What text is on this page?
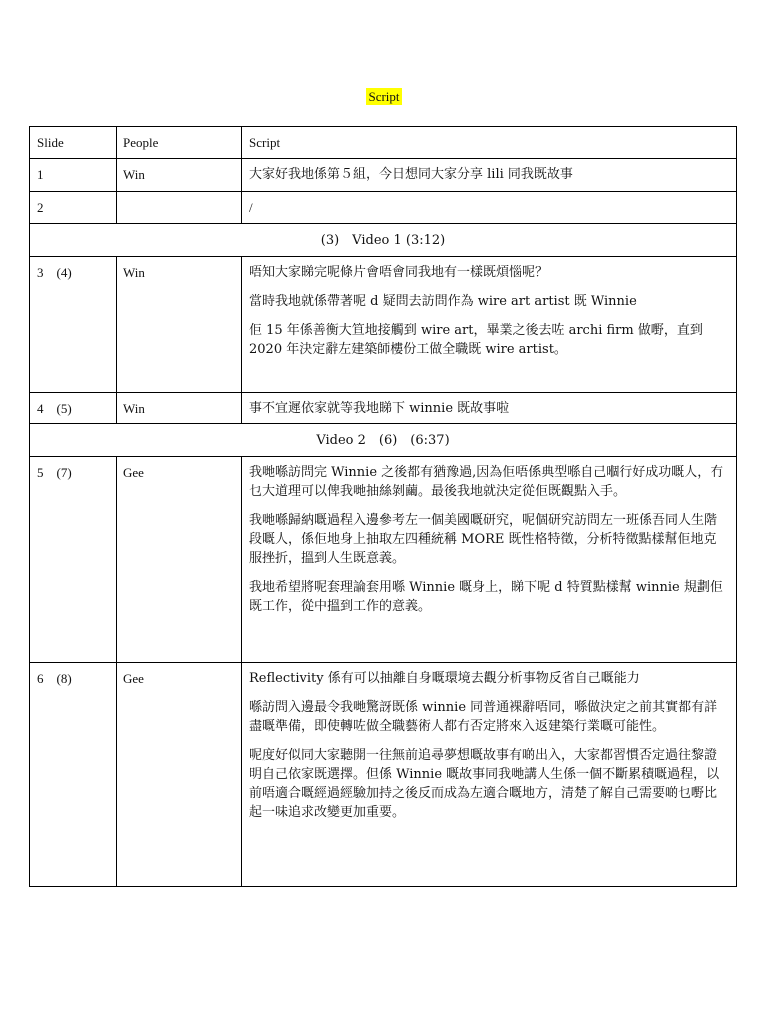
Script
Slide	People	Script
1	Win	大家好我地係第５組，今日想同大家分享 lili 同我既故事

2		/

(3)　Video 1 (3:12)		
3　(4)	Win	唔知大家睇完呢條片會唔會同我地有一樣既煩惱呢？

當時我地就係帶著呢 d 疑問去訪問作為 wire art artist 既 Winnie

佢 15 年係善衡大笪地接觸到 wire art，畢業之後去咗 archi firm 做嘢，直到 2020 年決定辭左建築師樓份工做全職既 wire artist。

4　(5)	Win	事不宜遲依家就等我地睇下 winnie 既故事啦

Video 2　(6)　(6:37)		
5　(7)	Gee	我哋喺訪問完 Winnie 之後都有猶豫過,因為佢唔係典型喺自己嗰行好成功嘅人，冇乜大道理可以俾我哋抽絲剝繭。最後我地就決定從佢既觀點入手。

我哋喺歸納嘅過程入邊參考左一個美國嘅研究，呢個研究訪問左一班係吾同人生階段嘅人，係佢地身上抽取左四種統稱 MORE 既性格特徵，分析特徵點樣幫佢地克服挫折，搵到人生既意義。

我地希望將呢套理論套用喺 Winnie 嘅身上，睇下呢 d 特質點樣幫 winnie 規劃佢既工作，從中搵到工作的意義。

6　(8)	Gee	Reflectivity 係有可以抽離自身嘅環境去觀分析事物反省自己嘅能力

喺訪問入邊最令我哋驚訝既係 winnie 同普通裸辭唔同，喺做決定之前其實都有詳盡嘅準備，即使轉咗做全職藝術人都冇否定將來入返建築行業嘅可能性。

呢度好似同大家聽開一往無前追尋夢想嘅故事有啲出入，大家都習慣否定過往黎證明自己依家既選擇。但係 Winnie 嘅故事同我哋講人生係一個不斷累積嘅過程，以前唔適合嘅經過經驗加持之後反而成為左適合嘅地方，清楚了解自己需要啲乜嘢比起一味追求改變更加重要。
